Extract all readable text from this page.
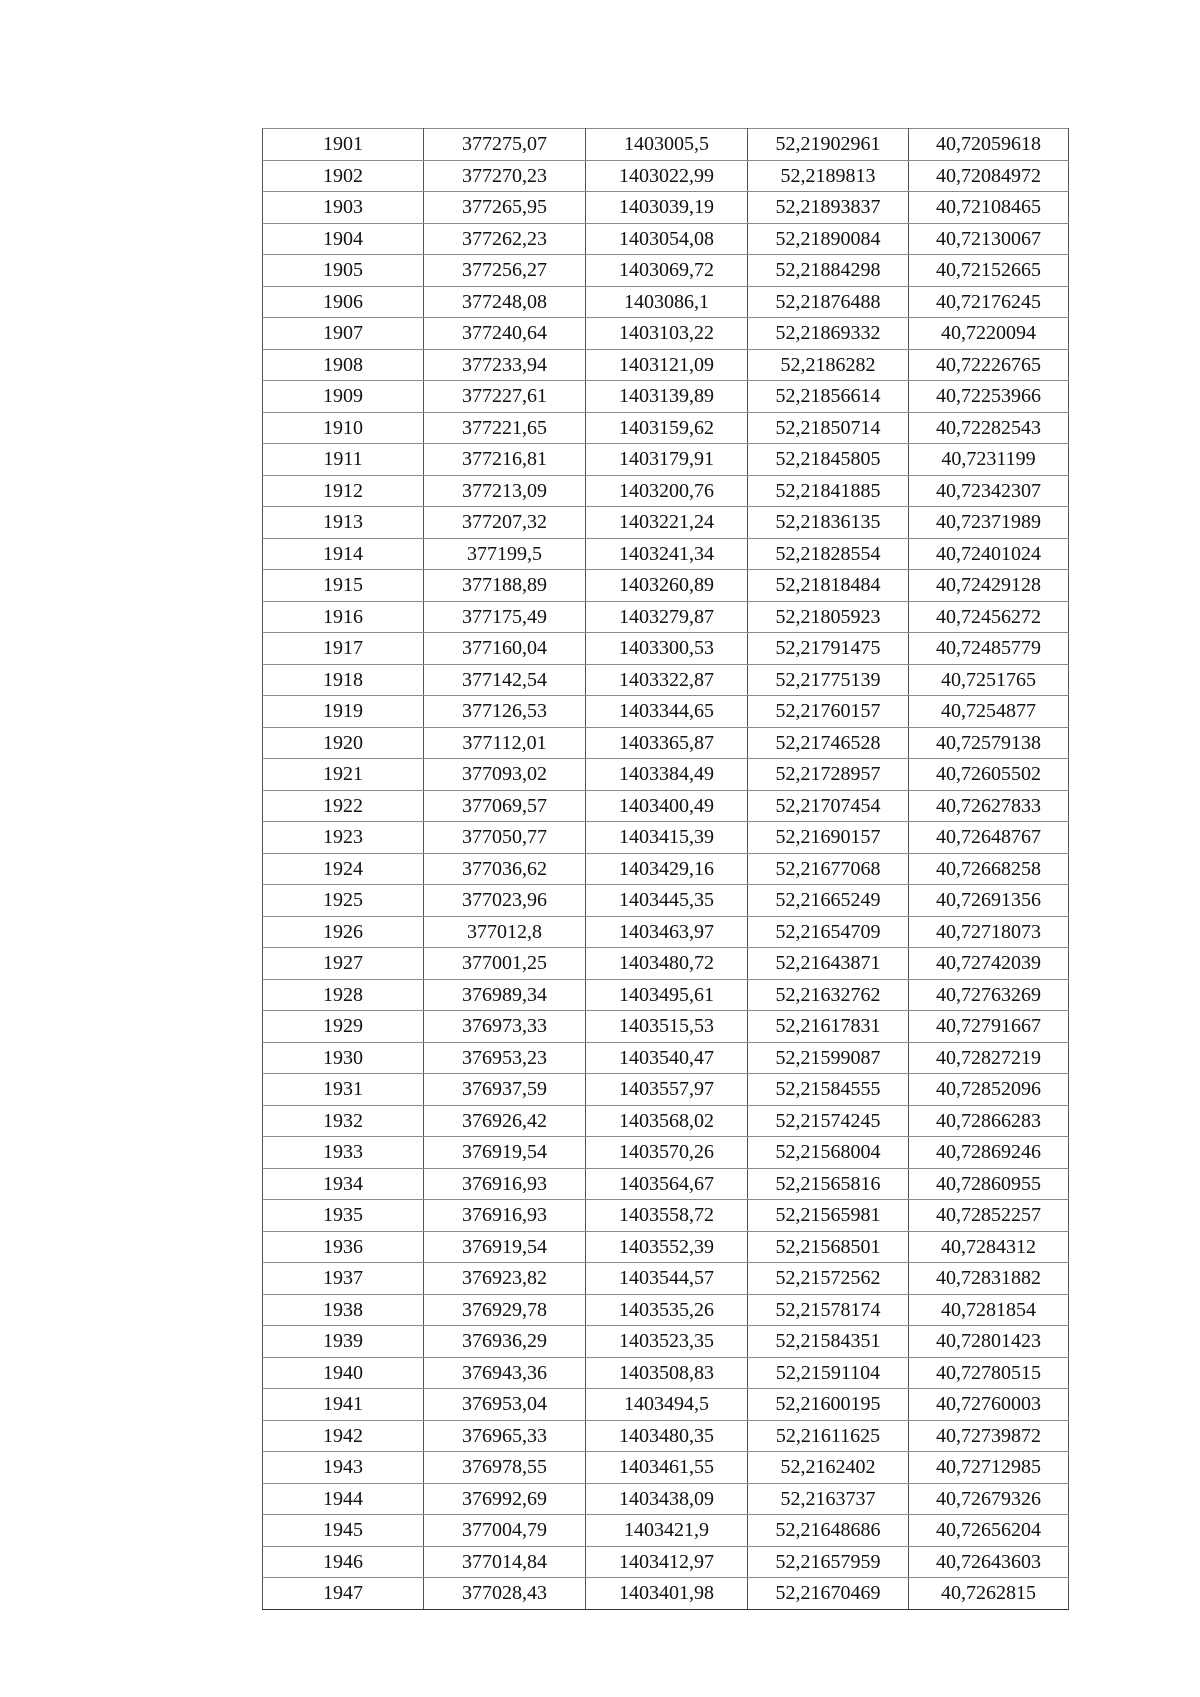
1901	377275,07	1403005,5	52,21902961	40,72059618
1902	377270,23	1403022,99	52,2189813	40,72084972
1903	377265,95	1403039,19	52,21893837	40,72108465
1904	377262,23	1403054,08	52,21890084	40,72130067
1905	377256,27	1403069,72	52,21884298	40,72152665
1906	377248,08	1403086,1	52,21876488	40,72176245
1907	377240,64	1403103,22	52,21869332	40,7220094
1908	377233,94	1403121,09	52,2186282	40,72226765
1909	377227,61	1403139,89	52,21856614	40,72253966
1910	377221,65	1403159,62	52,21850714	40,72282543
1911	377216,81	1403179,91	52,21845805	40,7231199
1912	377213,09	1403200,76	52,21841885	40,72342307
1913	377207,32	1403221,24	52,21836135	40,72371989
1914	377199,5	1403241,34	52,21828554	40,72401024
1915	377188,89	1403260,89	52,21818484	40,72429128
1916	377175,49	1403279,87	52,21805923	40,72456272
1917	377160,04	1403300,53	52,21791475	40,72485779
1918	377142,54	1403322,87	52,21775139	40,7251765
1919	377126,53	1403344,65	52,21760157	40,7254877
1920	377112,01	1403365,87	52,21746528	40,72579138
1921	377093,02	1403384,49	52,21728957	40,72605502
1922	377069,57	1403400,49	52,21707454	40,72627833
1923	377050,77	1403415,39	52,21690157	40,72648767
1924	377036,62	1403429,16	52,21677068	40,72668258
1925	377023,96	1403445,35	52,21665249	40,72691356
1926	377012,8	1403463,97	52,21654709	40,72718073
1927	377001,25	1403480,72	52,21643871	40,72742039
1928	376989,34	1403495,61	52,21632762	40,72763269
1929	376973,33	1403515,53	52,21617831	40,72791667
1930	376953,23	1403540,47	52,21599087	40,72827219
1931	376937,59	1403557,97	52,21584555	40,72852096
1932	376926,42	1403568,02	52,21574245	40,72866283
1933	376919,54	1403570,26	52,21568004	40,72869246
1934	376916,93	1403564,67	52,21565816	40,72860955
1935	376916,93	1403558,72	52,21565981	40,72852257
1936	376919,54	1403552,39	52,21568501	40,7284312
1937	376923,82	1403544,57	52,21572562	40,72831882
1938	376929,78	1403535,26	52,21578174	40,7281854
1939	376936,29	1403523,35	52,21584351	40,72801423
1940	376943,36	1403508,83	52,21591104	40,72780515
1941	376953,04	1403494,5	52,21600195	40,72760003
1942	376965,33	1403480,35	52,21611625	40,72739872
1943	376978,55	1403461,55	52,2162402	40,72712985
1944	376992,69	1403438,09	52,2163737	40,72679326
1945	377004,79	1403421,9	52,21648686	40,72656204
1946	377014,84	1403412,97	52,21657959	40,72643603
1947	377028,43	1403401,98	52,21670469	40,7262815
